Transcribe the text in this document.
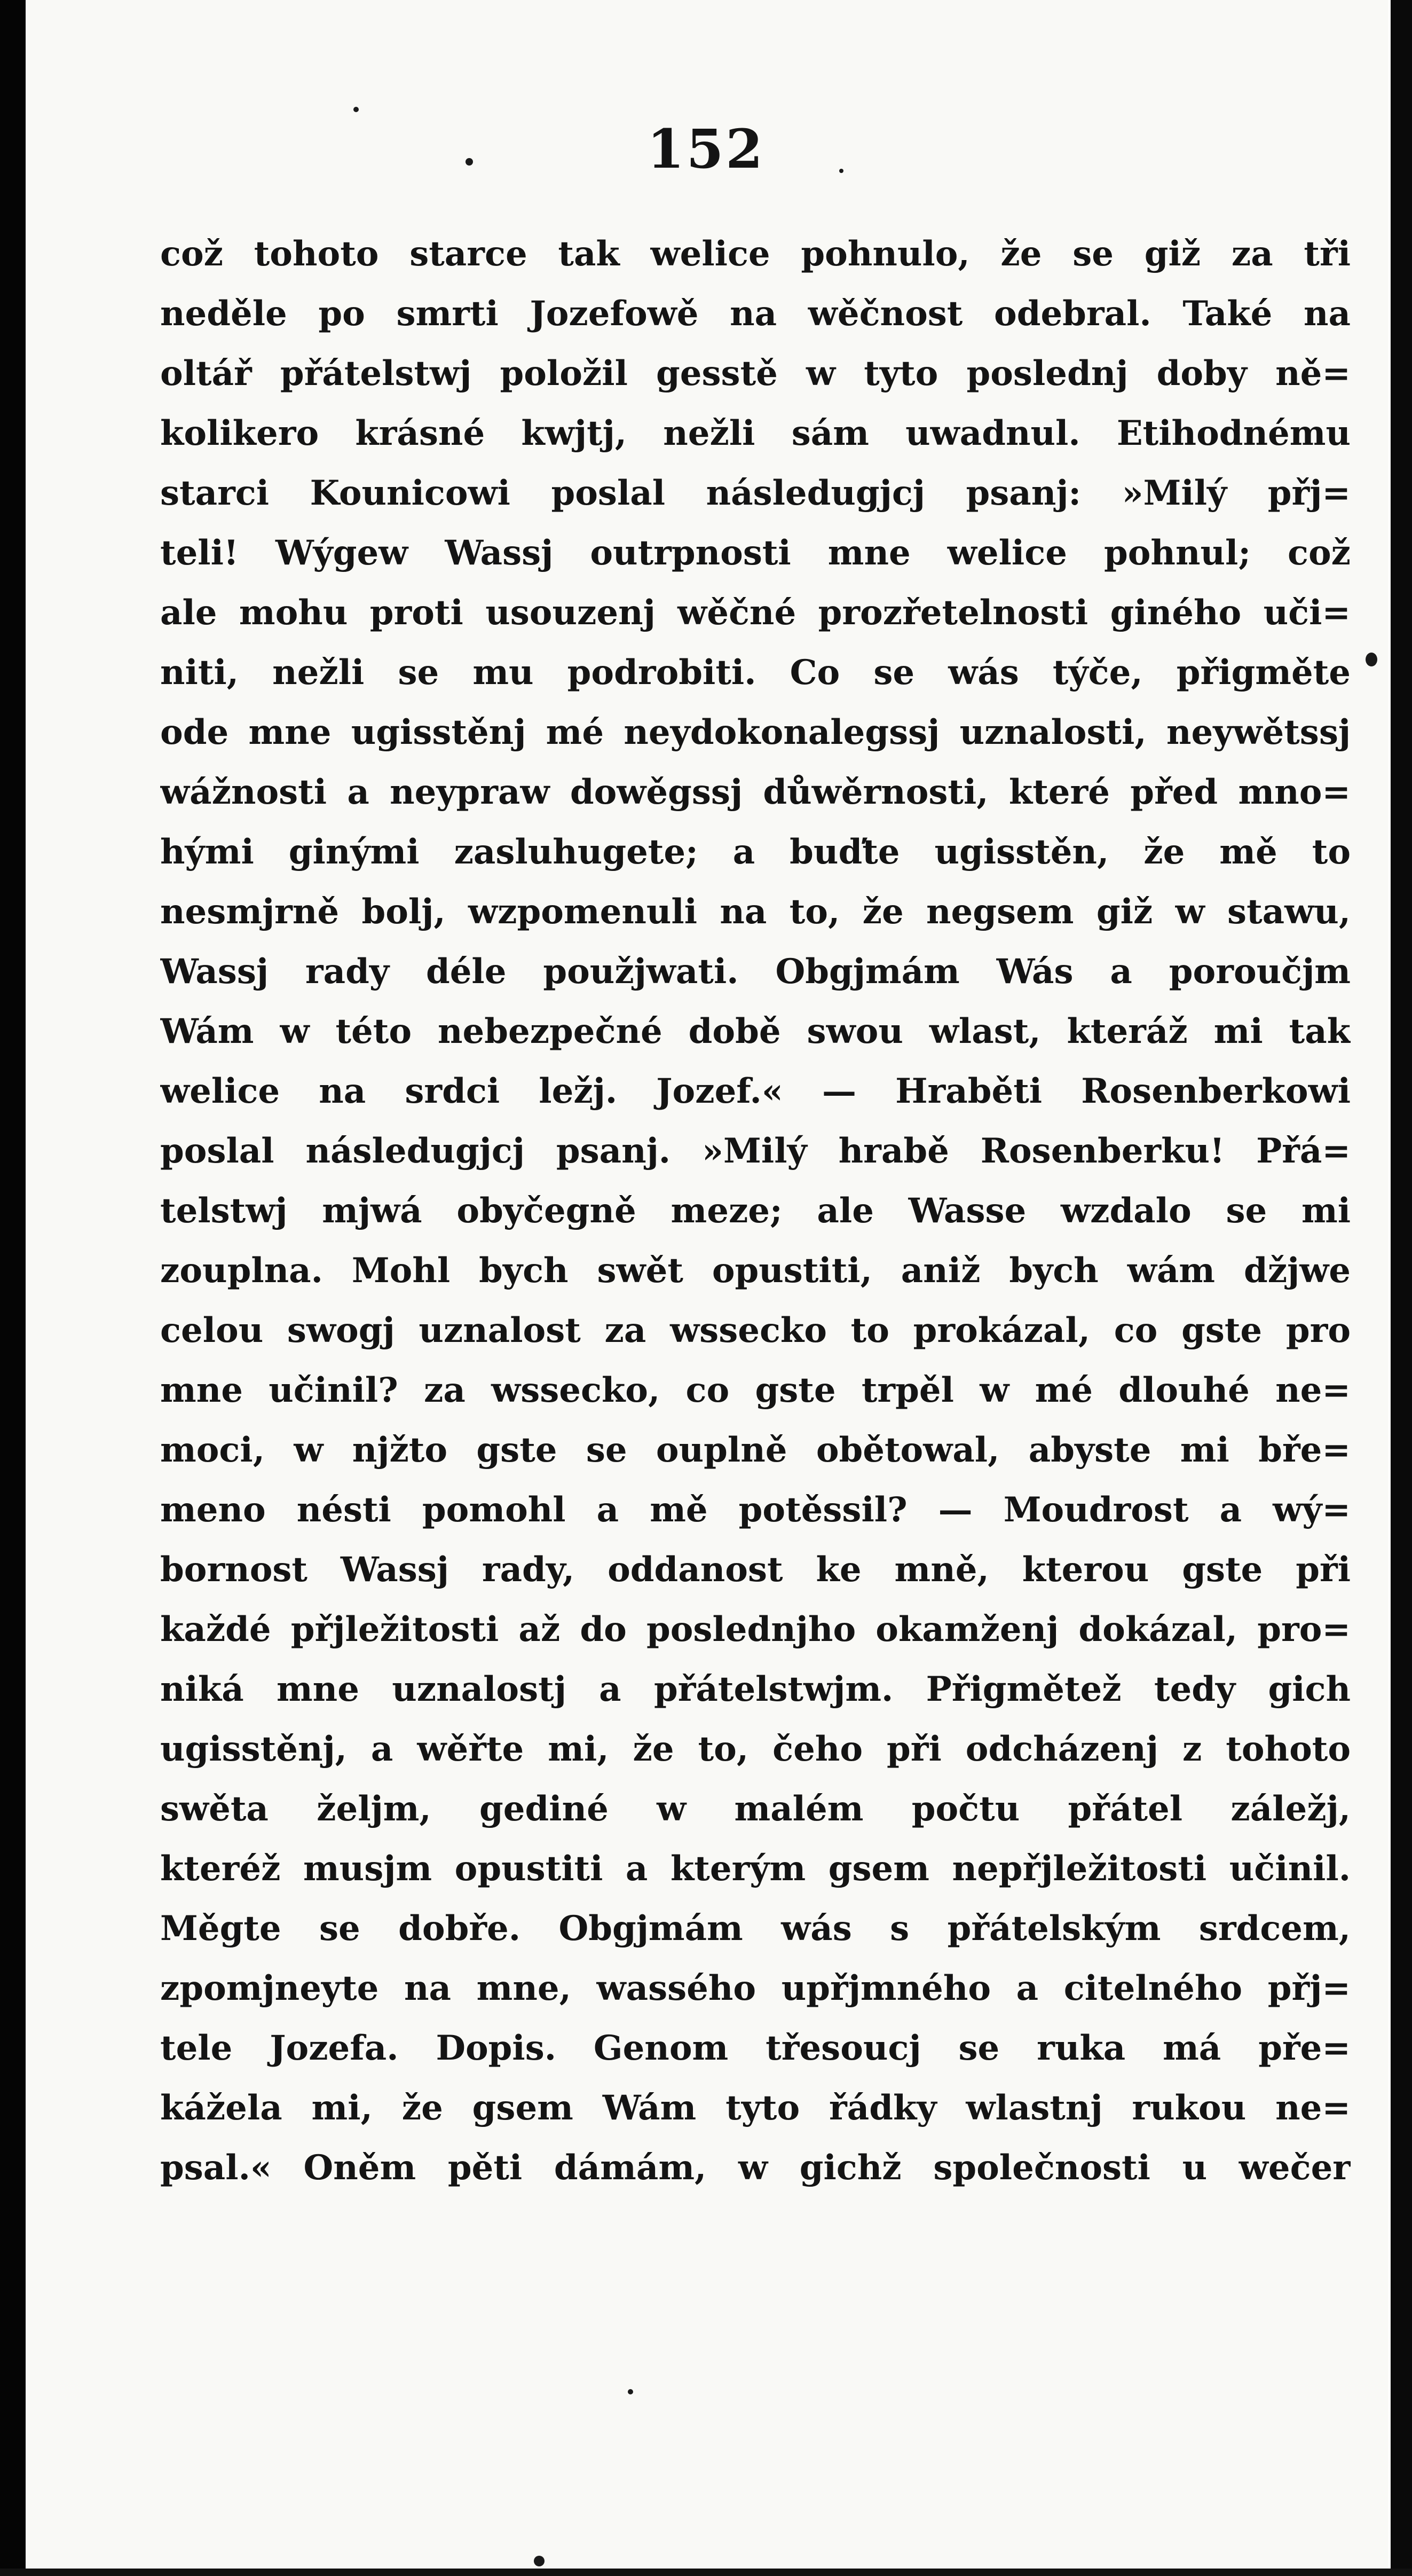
152
což tohoto starce tak welice pohnulo, že se giž za tři
neděle po smrti Jozefowě na wěčnost odebral. Také na
oltář přátelstwj položil gesstě w tyto poslednj doby ně=
kolikero krásné kwjtj, nežli sám uwadnul. Etihodnému
starci Kounicowi poslal následugjcj psanj: »Milý přj=
teli! Wýgew Wassj outrpnosti mne welice pohnul; což
ale mohu proti usouzenj wěčné prozřetelnosti giného uči=
niti, nežli se mu podrobiti. Co se wás týče, přigměte
ode mne ugisstěnj mé neydokonalegssj uznalosti, neywětssj
wážnosti a neypraw dowěgssj důwěrnosti, které před mno=
hými ginými zasluhugete; a buďte ugisstěn, že mě to
nesmjrně bolj, wzpomenuli na to, že negsem giž w stawu,
Wassj rady déle použjwati. Obgjmám Wás a poroučjm
Wám w této nebezpečné době swou wlast, kteráž mi tak
welice na srdci ležj. Jozef.« — Hraběti Rosenberkowi
poslal následugjcj psanj. »Milý hrabě Rosenberku! Přá=
telstwj mjwá obyčegně meze; ale Wasse wzdalo se mi
zouplna. Mohl bych swět opustiti, aniž bych wám džjwe
celou swogj uznalost za wssecko to prokázal, co gste pro
mne učinil? za wssecko, co gste trpěl w mé dlouhé ne=
moci, w njžto gste se ouplně obětowal, abyste mi bře=
meno nésti pomohl a mě potěssil? — Moudrost a wý=
bornost Wassj rady, oddanost ke mně, kterou gste při
každé přjležitosti až do poslednjho okamženj dokázal, pro=
niká mne uznalostj a přátelstwjm. Přigmětež tedy gich
ugisstěnj, a wěřte mi, že to, čeho při odcházenj z tohoto
swěta željm, gediné w malém počtu přátel záležj,
kteréž musjm opustiti a kterým gsem nepřjležitosti učinil.
Měgte se dobře. Obgjmám wás s přátelským srdcem,
zpomjneyte na mne, wassého upřjmného a citelného přj=
tele Jozefa. Dopis. Genom třesoucj se ruka má pře=
kážela mi, že gsem Wám tyto řádky wlastnj rukou ne=
psal.« Oněm pěti dámám, w gichž společnosti u wečer
